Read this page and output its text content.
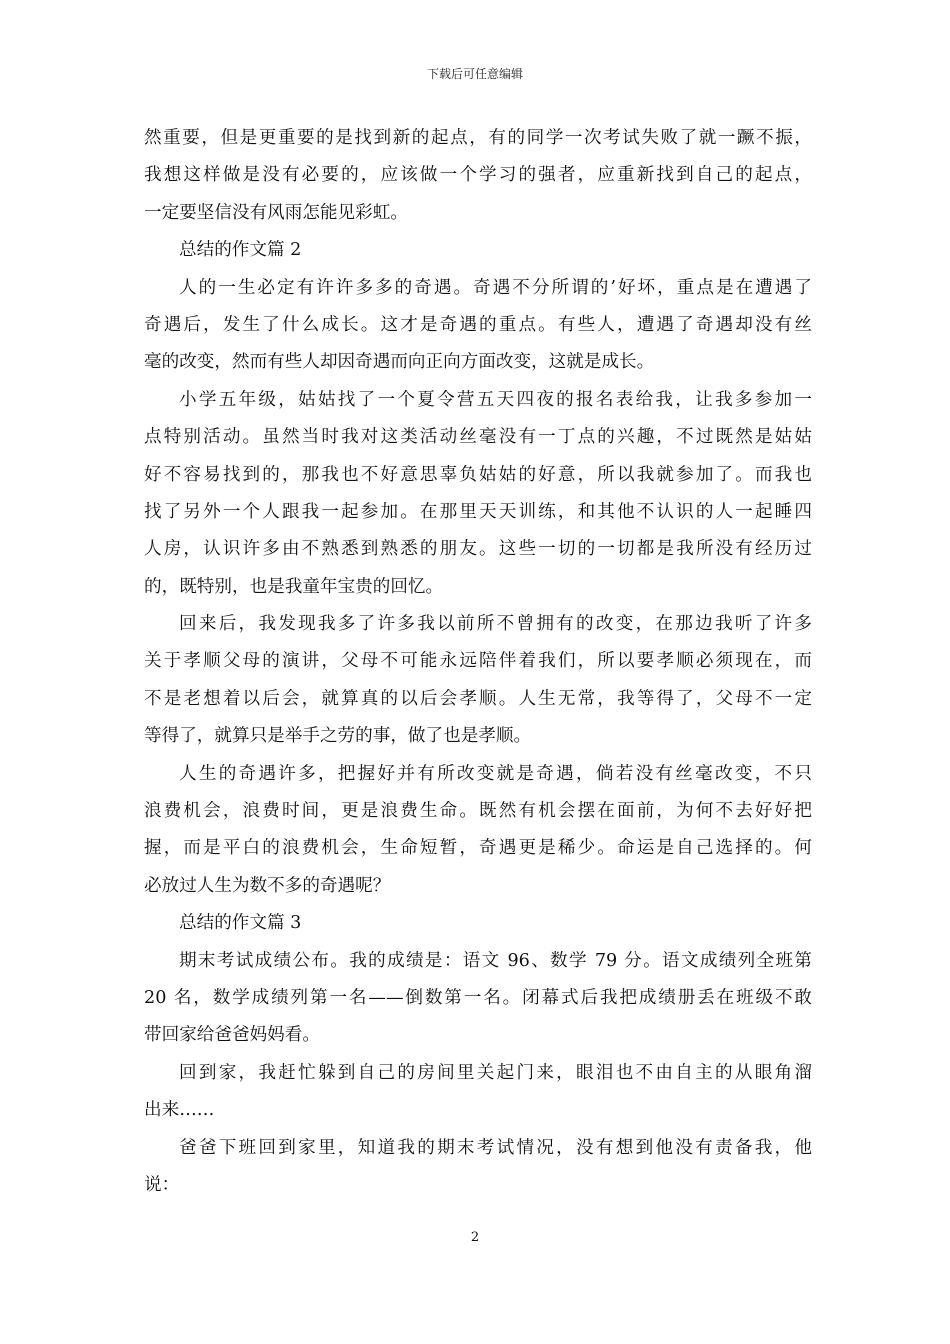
下载后可任意编辑
然重要，但是更重要的是找到新的起点，有的同学一次考试失败了就一蹶不振，
我想这样做是没有必要的，应该做一个学习的强者，应重新找到自己的起点，
一定要坚信没有风雨怎能见彩虹。
总结的作文篇 2
人的一生必定有许许多多的奇遇。奇遇不分所谓的’好坏，重点是在遭遇了
奇遇后，发生了什么成长。这才是奇遇的重点。有些人，遭遇了奇遇却没有丝
毫的改变，然而有些人却因奇遇而向正向方面改变，这就是成长。
小学五年级，姑姑找了一个夏令营五天四夜的报名表给我，让我多参加一
点特别活动。虽然当时我对这类活动丝毫没有一丁点的兴趣，不过既然是姑姑
好不容易找到的，那我也不好意思辜负姑姑的好意，所以我就参加了。而我也
找了另外一个人跟我一起参加。在那里天天训练，和其他不认识的人一起睡四
人房，认识许多由不熟悉到熟悉的朋友。这些一切的一切都是我所没有经历过
的，既特别，也是我童年宝贵的回忆。
回来后，我发现我多了许多我以前所不曾拥有的改变，在那边我听了许多
关于孝顺父母的演讲，父母不可能永远陪伴着我们，所以要孝顺必须现在，而
不是老想着以后会，就算真的以后会孝顺。人生无常，我等得了，父母不一定
等得了，就算只是举手之劳的事，做了也是孝顺。
人生的奇遇许多，把握好并有所改变就是奇遇，倘若没有丝毫改变，不只
浪费机会，浪费时间，更是浪费生命。既然有机会摆在面前，为何不去好好把
握，而是平白的浪费机会，生命短暂，奇遇更是稀少。命运是自己选择的。何
必放过人生为数不多的奇遇呢？
总结的作文篇 3
期末考试成绩公布。我的成绩是：语文 96、数学 79 分。语文成绩列全班第
20 名，数学成绩列第一名——倒数第一名。闭幕式后我把成绩册丢在班级不敢
带回家给爸爸妈妈看。
回到家，我赶忙躲到自己的房间里关起门来，眼泪也不由自主的从眼角溜
出来……
爸爸下班回到家里，知道我的期末考试情况，没有想到他没有责备我，他
说：
2
